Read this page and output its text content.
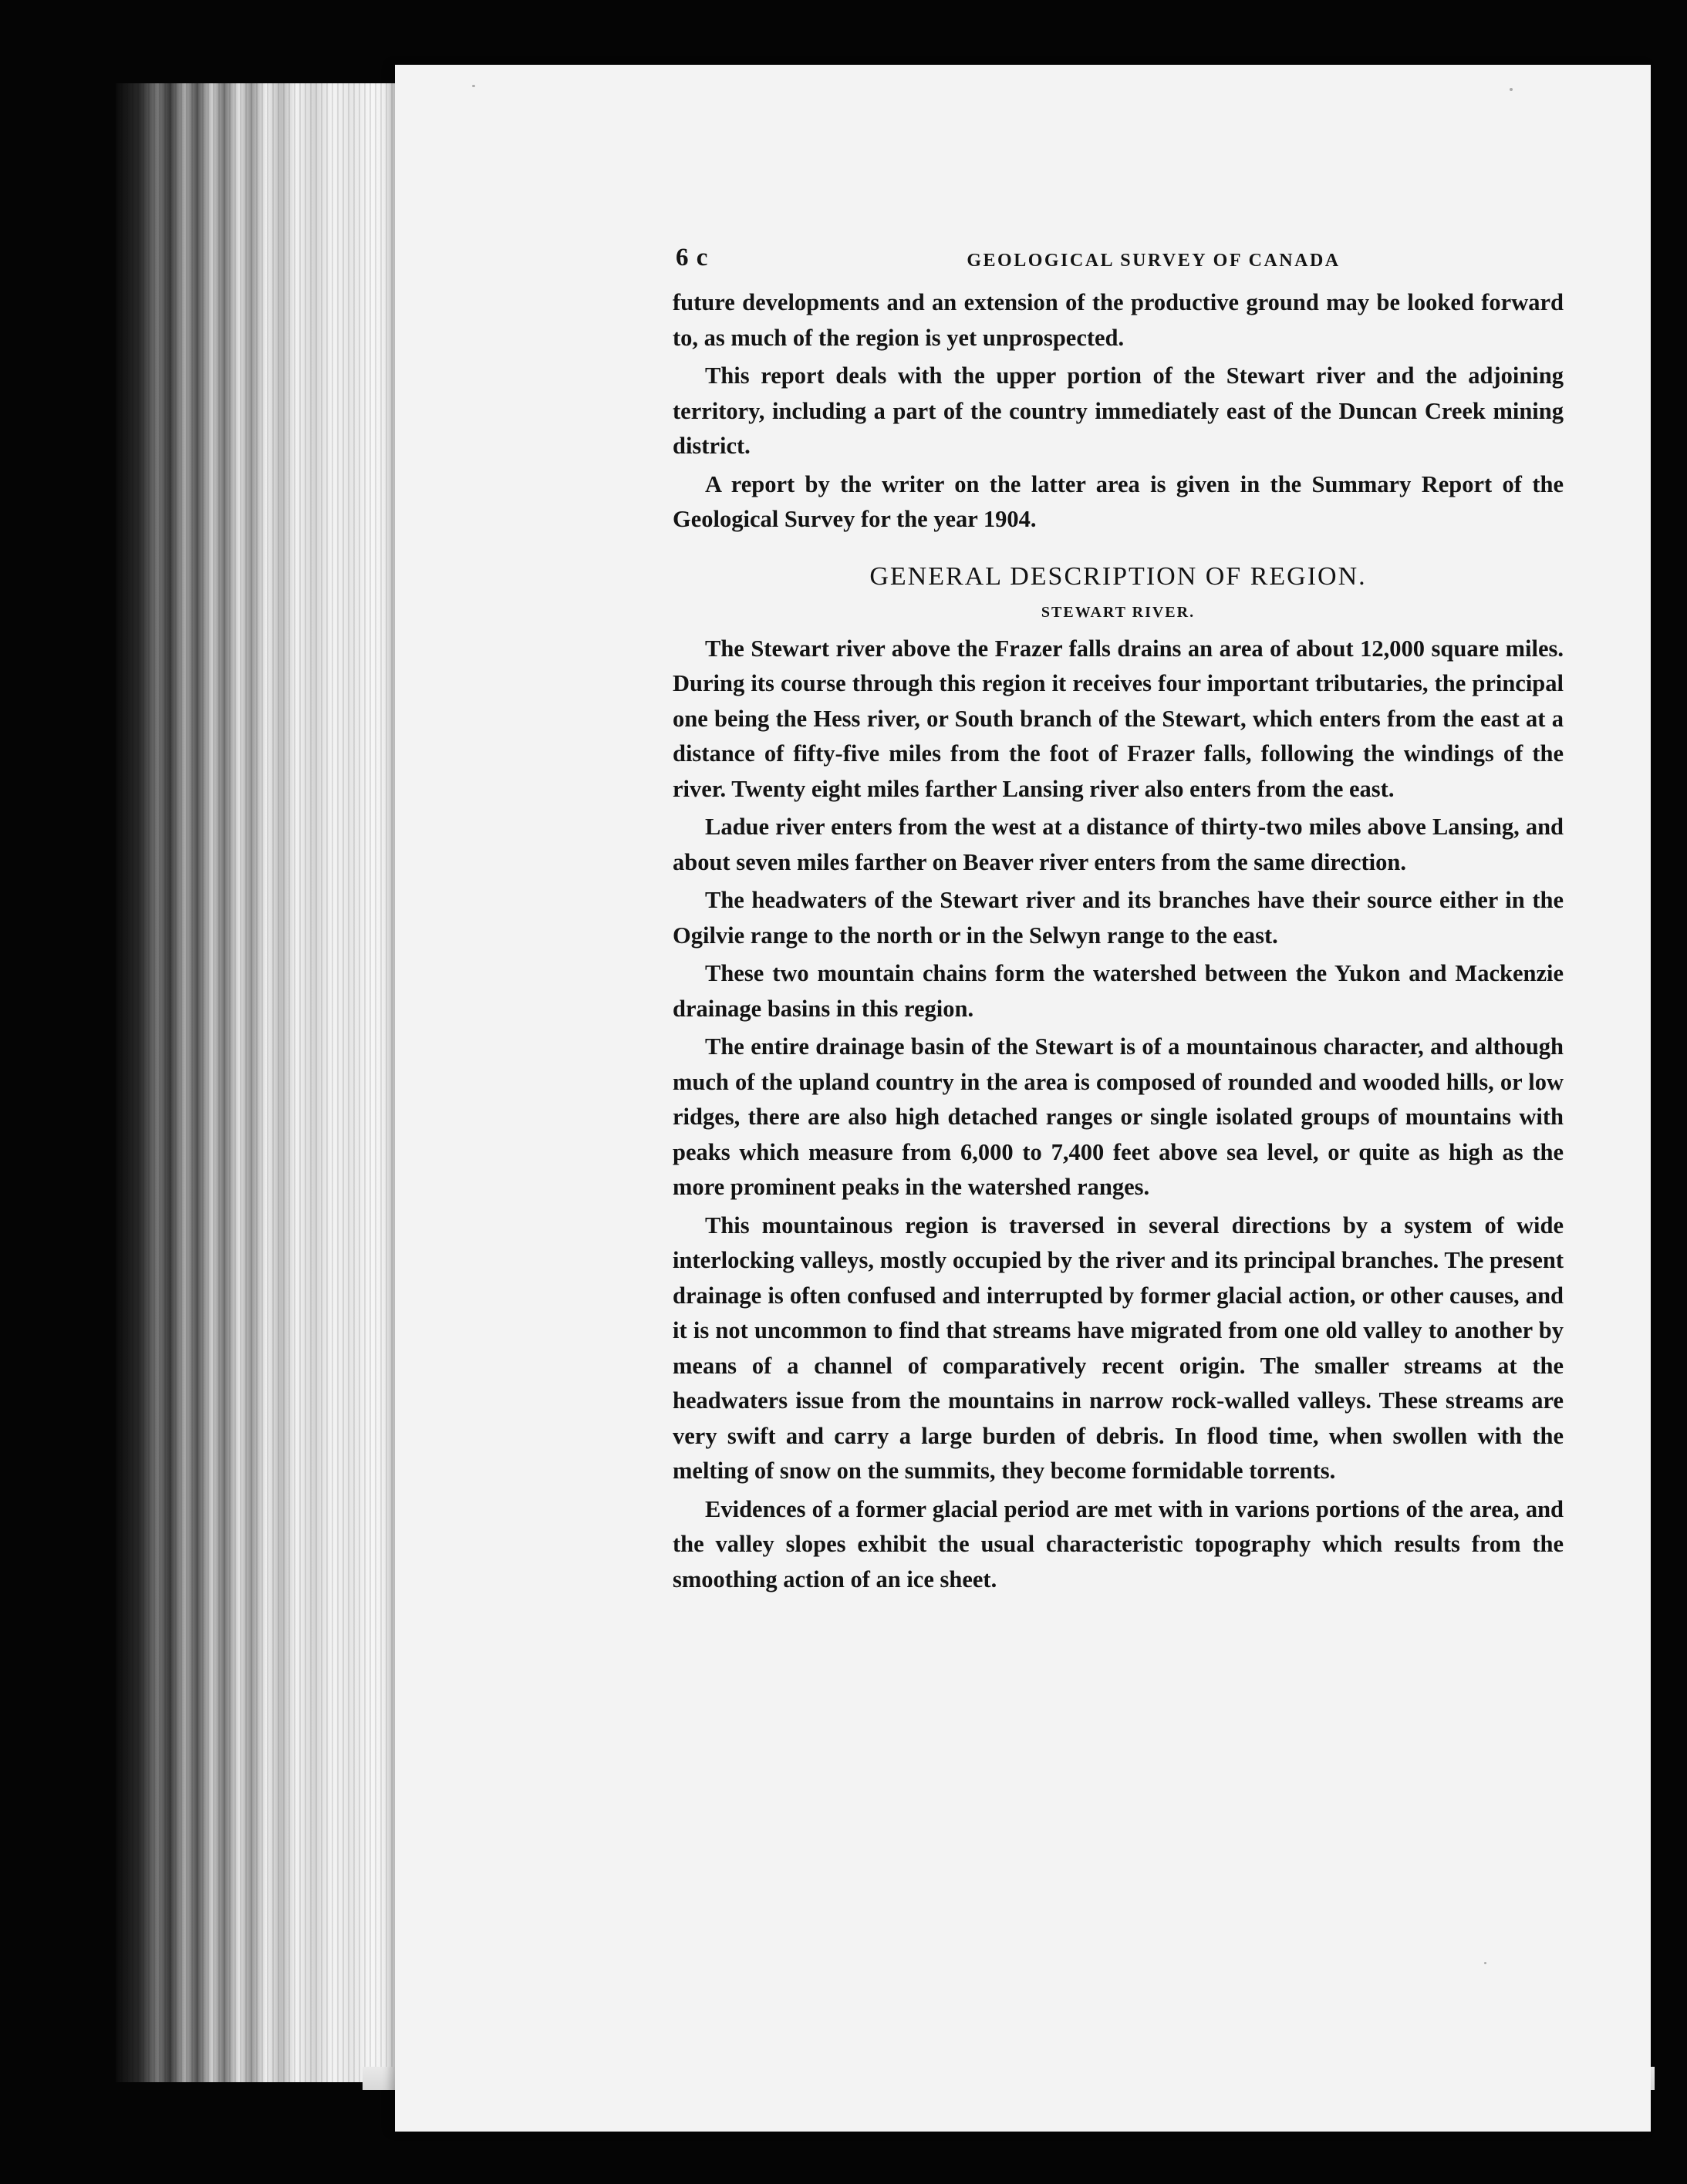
6 c	GEOLOGICAL SURVEY OF CANADA

future developments and an extension of the productive ground may be looked forward to, as much of the region is yet unprospected.

This report deals with the upper portion of the Stewart river and the adjoining territory, including a part of the country immediately east of the Duncan Creek mining district.

A report by the writer on the latter area is given in the Summary Report of the Geological Survey for the year 1904.

GENERAL DESCRIPTION OF REGION.
STEWART RIVER.

The Stewart river above the Frazer falls drains an area of about 12,000 square miles. During its course through this region it receives four important tributaries, the principal one being the Hess river, or South branch of the Stewart, which enters from the east at a distance of fifty-five miles from the foot of Frazer falls, following the windings of the river. Twenty eight miles farther Lansing river also enters from the east.

Ladue river enters from the west at a distance of thirty-two miles above Lansing, and about seven miles farther on Beaver river enters from the same direction.

The headwaters of the Stewart river and its branches have their source either in the Ogilvie range to the north or in the Selwyn range to the east.

These two mountain chains form the watershed between the Yukon and Mackenzie drainage basins in this region.

The entire drainage basin of the Stewart is of a mountainous character, and although much of the upland country in the area is composed of rounded and wooded hills, or low ridges, there are also high detached ranges or single isolated groups of mountains with peaks which measure from 6,000 to 7,400 feet above sea level, or quite as high as the more prominent peaks in the watershed ranges.

This mountainous region is traversed in several directions by a system of wide interlocking valleys, mostly occupied by the river and its principal branches. The present drainage is often confused and interrupted by former glacial action, or other causes, and it is not uncommon to find that streams have migrated from one old valley to another by means of a channel of comparatively recent origin. The smaller streams at the headwaters issue from the mountains in narrow rock-walled valleys. These streams are very swift and carry a large burden of debris. In flood time, when swollen with the melting of snow on the summits, they become formidable torrents.

Evidences of a former glacial period are met with in varions portions of the area, and the valley slopes exhibit the usual characteristic topography which results from the smoothing action of an ice sheet.
